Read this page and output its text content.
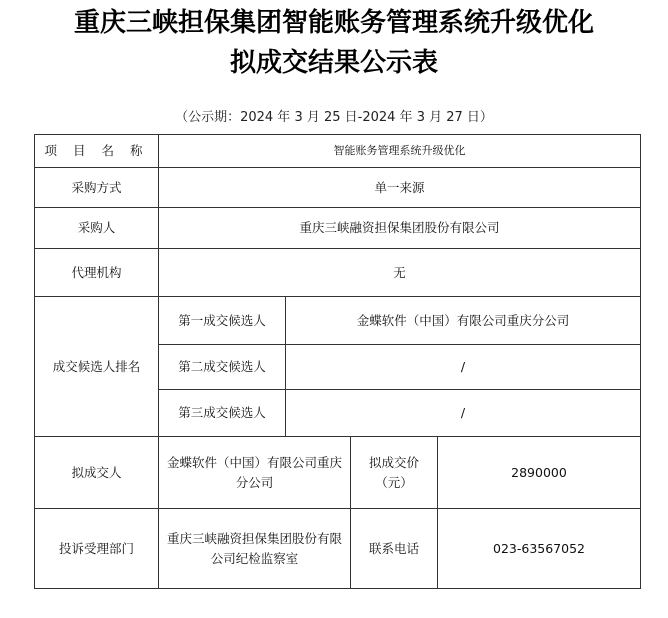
重庆三峡担保集团智能账务管理系统升级优化
拟成交结果公示表
（公示期：2024 年 3 月 25 日-2024 年 3 月 27 日）
项 目 名 称	智能账务管理系统升级优化			
采购方式	单一来源			
采购人	重庆三峡融资担保集团股份有限公司			
代理机构	无			
成交候选人排名	第一成交候选人	金蝶软件（中国）有限公司重庆分公司		
	第二成交候选人	/		
	第三成交候选人	/		
拟成交人	金蝶软件（中国）有限公司重庆分公司		拟成交价（元）	2890000
投诉受理部门	重庆三峡融资担保集团股份有限公司纪检监察室		联系电话	023-63567052
